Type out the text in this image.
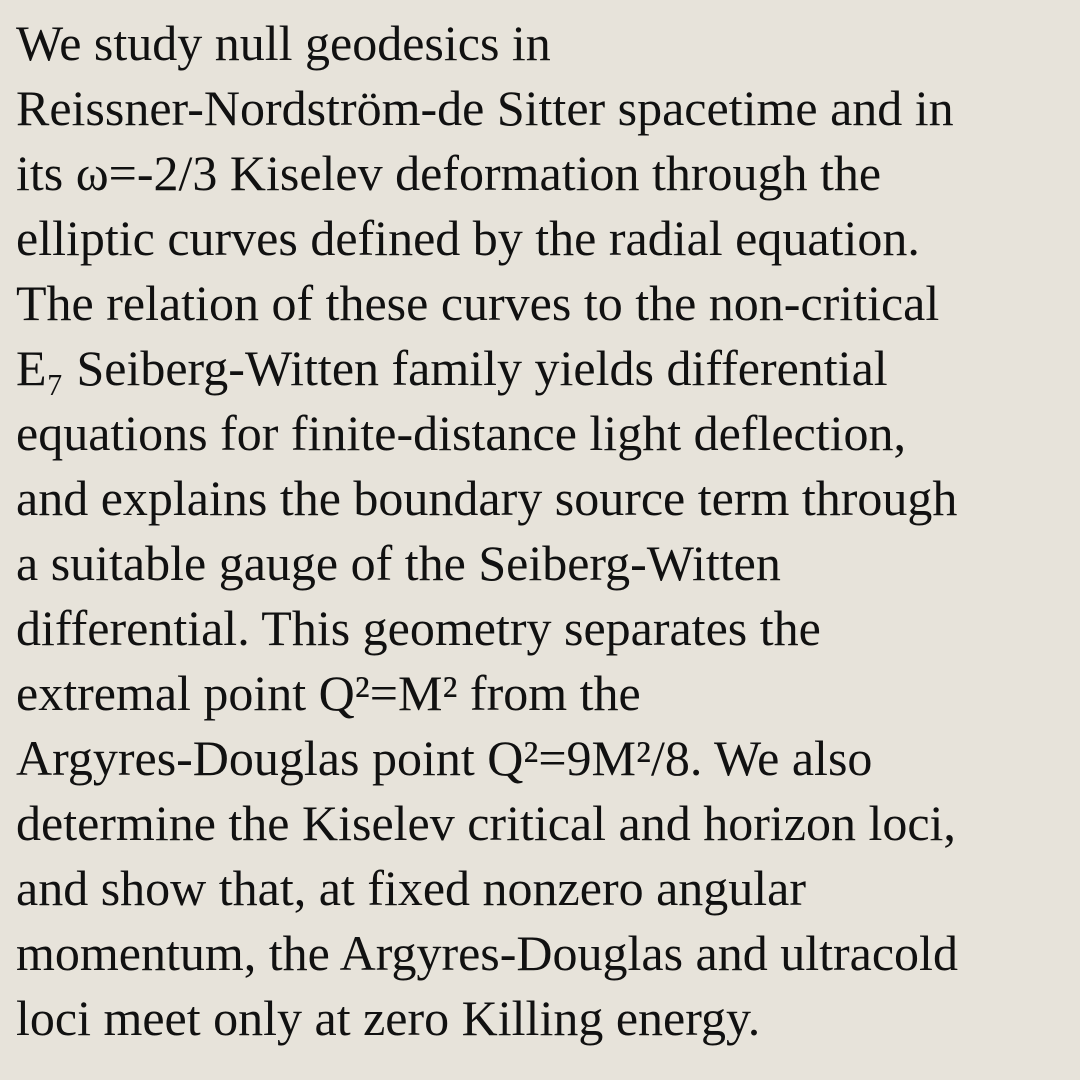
We study null geodesics in
Reissner-Nordström-de Sitter spacetime and in
its ω=-2/3 Kiselev deformation through the
elliptic curves defined by the radial equation.
The relation of these curves to the non-critical
E₇ Seiberg-Witten family yields differential
equations for finite-distance light deflection,
and explains the boundary source term through
a suitable gauge of the Seiberg-Witten
differential. This geometry separates the
extremal point Q²=M² from the
Argyres-Douglas point Q²=9M²/8. We also
determine the Kiselev critical and horizon loci,
and show that, at fixed nonzero angular
momentum, the Argyres-Douglas and ultracold
loci meet only at zero Killing energy.
